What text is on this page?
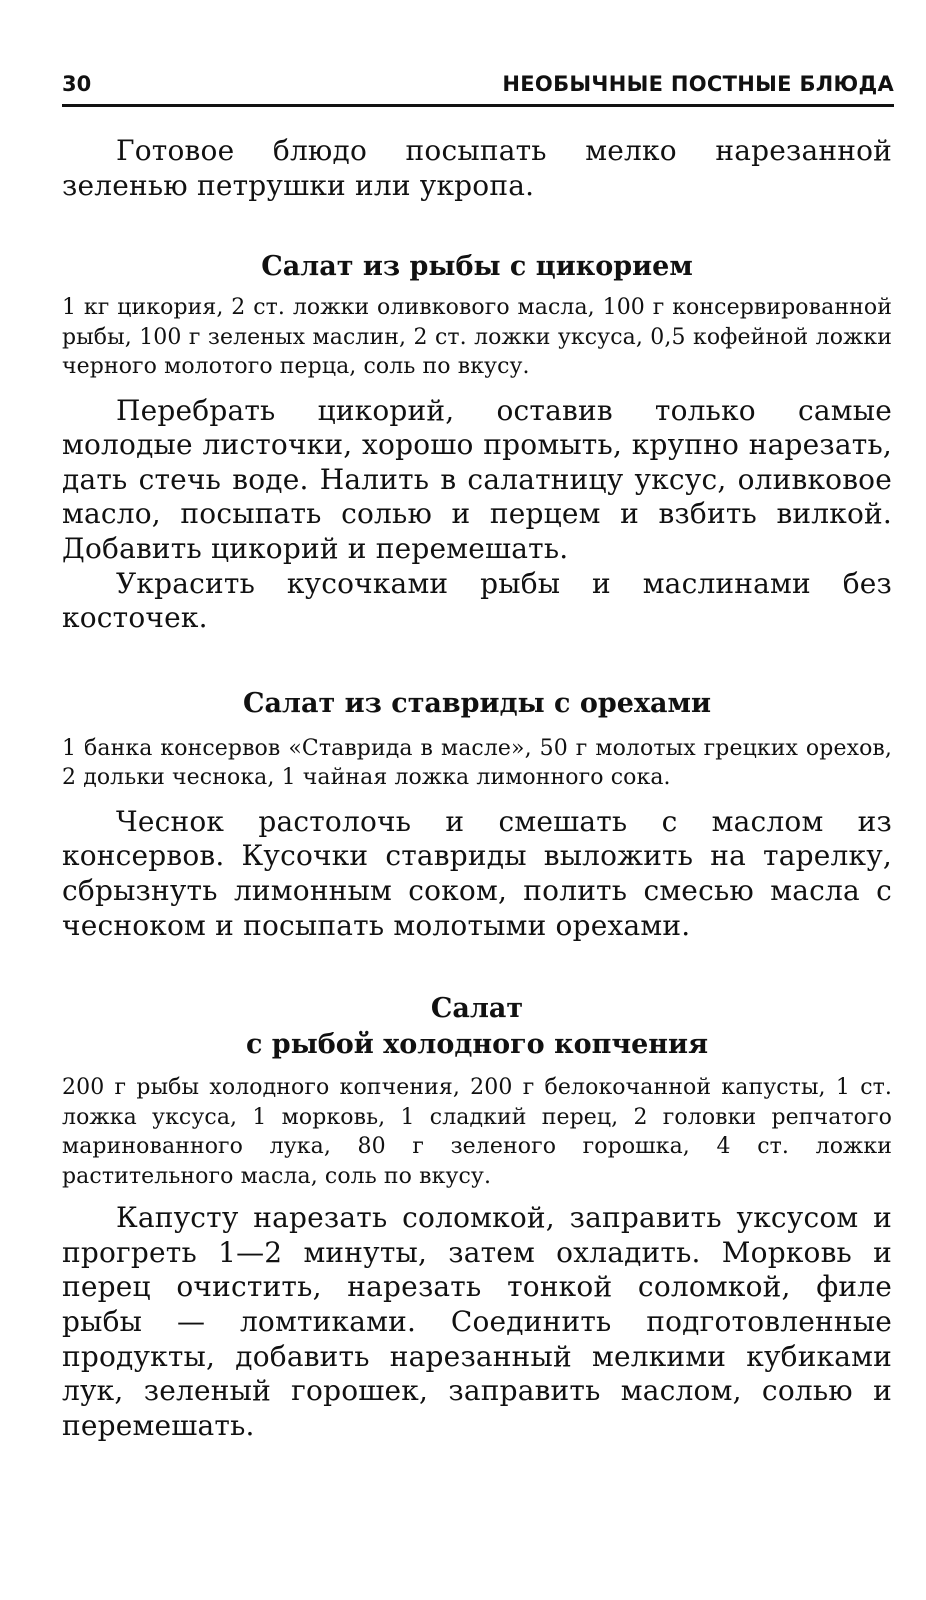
30	НЕОБЫЧНЫЕ ПОСТНЫЕ БЛЮДА

Готовое блюдо посыпать мелко нарезанной зеленью петрушки или укропа.

Салат из рыбы с цикорием

1 кг цикория, 2 ст. ложки оливкового масла, 100 г консервированной рыбы, 100 г зеленых маслин, 2 ст. ложки уксуса, 0,5 кофейной ложки черного молотого перца, соль по вкусу.

Перебрать цикорий, оставив только самые молодые листочки, хорошо промыть, крупно нарезать, дать стечь воде. Налить в салатницу уксус, оливковое масло, посыпать солью и перцем и взбить вилкой. Добавить цикорий и перемешать.

Украсить кусочками рыбы и маслинами без косточек.

Салат из ставриды с орехами

1 банка консервов «Ставрида в масле», 50 г молотых грецких орехов, 2 дольки чеснока, 1 чайная ложка лимонного сока.

Чеснок растолочь и смешать с маслом из консервов. Кусочки ставриды выложить на тарелку, сбрызнуть лимонным соком, полить смесью масла с чесноком и посыпать молотыми орехами.

Салат
с рыбой холодного копчения

200 г рыбы холодного копчения, 200 г белокочанной капусты, 1 ст. ложка уксуса, 1 морковь, 1 сладкий перец, 2 головки репчатого маринованного лука, 80 г зеленого горошка, 4 ст. ложки растительного масла, соль по вкусу.

Капусту нарезать соломкой, заправить уксусом и прогреть 1—2 минуты, затем охладить. Морковь и перец очистить, нарезать тонкой соломкой, филе рыбы — ломтиками. Соединить подготовленные продукты, добавить нарезанный мелкими кубиками лук, зеленый горошек, заправить маслом, солью и перемешать.
